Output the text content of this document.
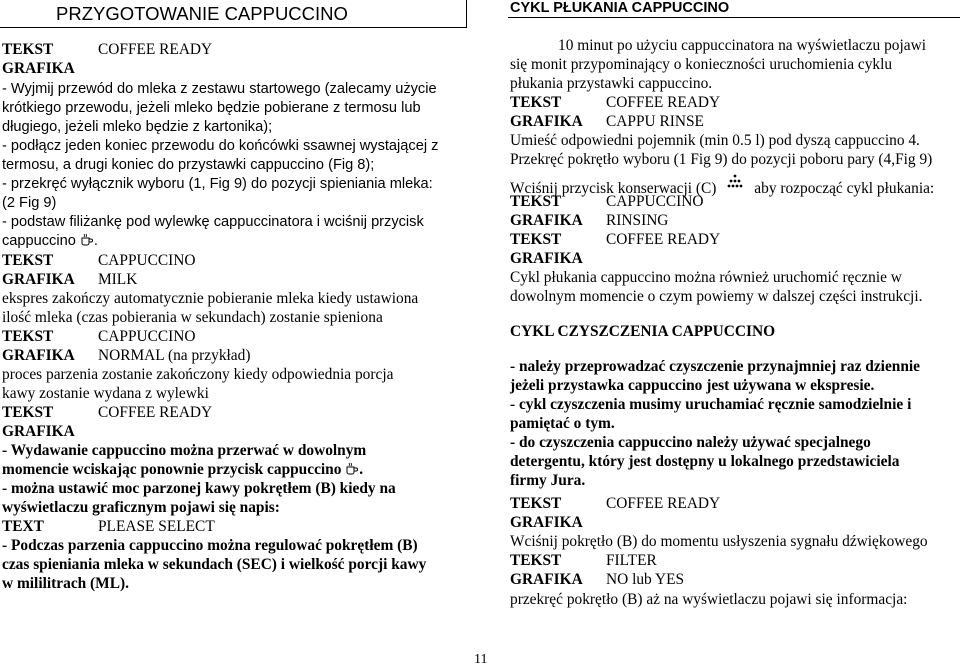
PRZYGOTOWANIE CAPPUCCINO
TEKST	COFFEE READY
GRAFIKA
- Wyjmij przewód do mleka z zestawu startowego (zalecamy użycie
krótkiego przewodu, jeżeli mleko będzie pobierane z termosu lub
długiego, jeżeli mleko będzie z kartonika);
- podłącz jeden koniec przewodu do końcówki ssawnej wystającej z
termosu, a drugi koniec do przystawki cappuccino (Fig 8);
- przekręć wyłącznik wyboru (1, Fig 9) do pozycji spieniania mleka:
(2 Fig 9)
- podstaw filiżankę pod wylewkę cappuccinatora i wciśnij przycisk
cappuccino .
TEKST	CAPPUCCINO
GRAFIKA MILK
ekspres zakończy automatycznie pobieranie mleka kiedy ustawiona
ilość mleka (czas pobierania w sekundach) zostanie spieniona
TEKST	CAPPUCCINO
GRAFIKA NORMAL (na przykład)
proces parzenia zostanie zakończony kiedy odpowiednia porcja
kawy zostanie wydana z wylewki
TEKST	COFFEE READY
GRAFIKA
- Wydawanie cappuccino można przerwać w dowolnym
momencie wciskając ponownie przycisk cappuccino .
- można ustawić moc parzonej kawy pokrętłem (B) kiedy na
wyświetlaczu graficznym pojawi się napis:
TEXT	PLEASE SELECT
- Podczas parzenia cappuccino można regulować pokrętłem (B)
czas spieniania mleka w sekundach (SEC) i wielkość porcji kawy
w mililitrach (ML).
CYKL PŁUKANIA CAPPUCCINO
10 minut po użyciu cappuccinatora na wyświetlaczu pojawi
się monit przypominający o konieczności uruchomienia cyklu
płukania przystawki cappuccino.
TEKST	COFFEE READY
GRAFIKA CAPPU RINSE
Umieść odpowiedni pojemnik (min 0.5 l) pod dyszą cappuccino 4.
Przekręć pokrętło wyboru (1 Fig 9) do pozycji poboru pary (4,Fig 9)
Wciśnij przycisk konserwacji (C) aby rozpocząć cykl płukania:
TEKST	CAPPUCCINO
GRAFIKA RINSING
TEKST	COFFEE READY
GRAFIKA
Cykl płukania cappuccino można również uruchomić ręcznie w
dowolnym momencie o czym powiemy w dalszej części instrukcji.
CYKL CZYSZCZENIA CAPPUCCINO
- należy przeprowadzać czyszczenie przynajmniej raz dziennie
jeżeli przystawka cappuccino jest używana w ekspresie.
- cykl czyszczenia musimy uruchamiać ręcznie samodzielnie i
pamiętać o tym.
- do czyszczenia cappuccino należy używać specjalnego
detergentu, który jest dostępny u lokalnego przedstawiciela
firmy Jura.
TEKST	COFFEE READY
GRAFIKA
Wciśnij pokrętło (B) do momentu usłyszenia sygnału dźwiękowego
TEKST	FILTER
GRAFIKA NO lub YES
przekręć pokrętło (B) aż na wyświetlaczu pojawi się informacja:
11
